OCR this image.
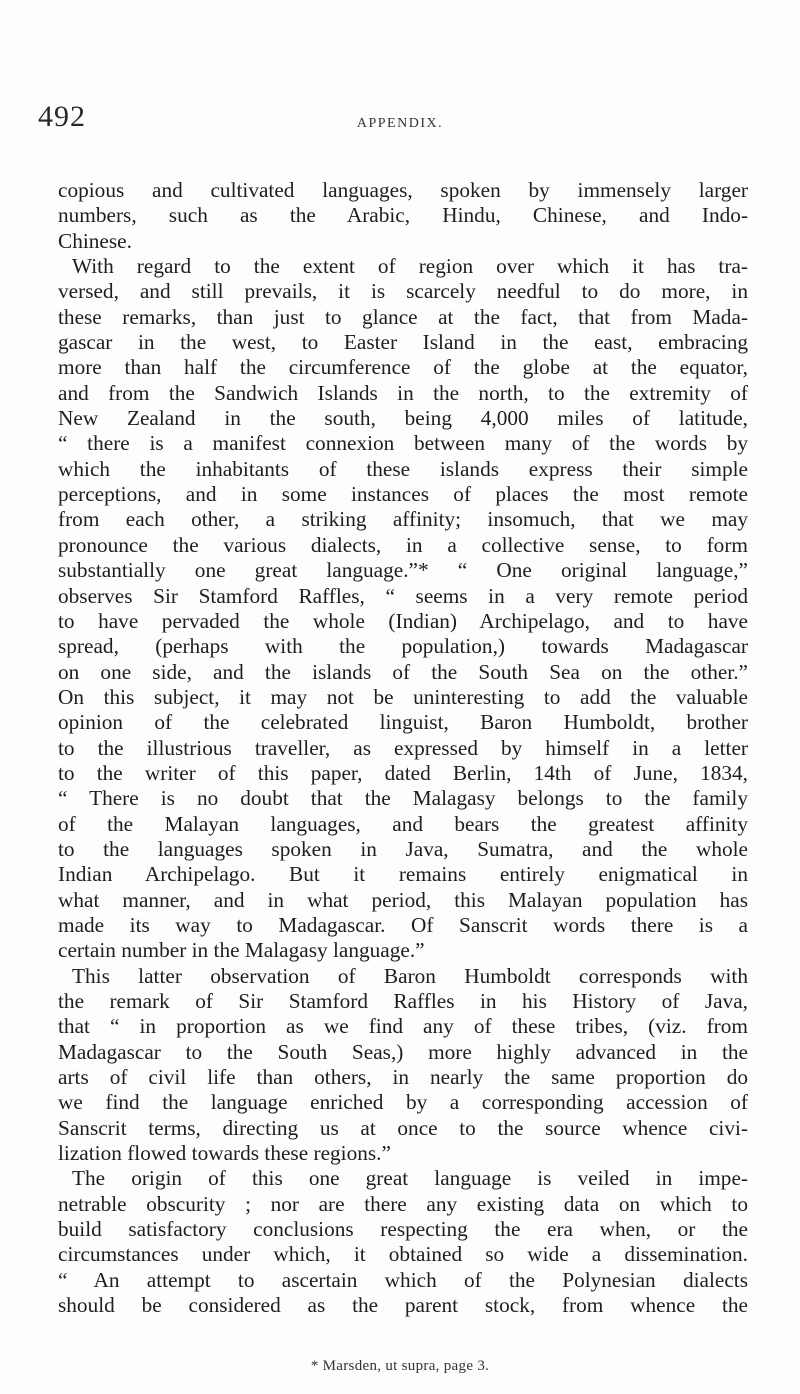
492	APPENDIX.
copious and cultivated languages, spoken by immensely larger
numbers, such as the Arabic, Hindu, Chinese, and Indo-
Chinese.
With regard to the extent of region over which it has tra-
versed, and still prevails, it is scarcely needful to do more, in
these remarks, than just to glance at the fact, that from Mada-
gascar in the west, to Easter Island in the east, embracing
more than half the circumference of the globe at the equator,
and from the Sandwich Islands in the north, to the extremity of
New Zealand in the south, being 4,000 miles of latitude,
“ there is a manifest connexion between many of the words by
which the inhabitants of these islands express their simple
perceptions, and in some instances of places the most remote
from each other, a striking affinity; insomuch, that we may
pronounce the various dialects, in a collective sense, to form
substantially one great language.”* “ One original language,”
observes Sir Stamford Raffles, “ seems in a very remote period
to have pervaded the whole (Indian) Archipelago, and to have
spread, (perhaps with the population,) towards Madagascar
on one side, and the islands of the South Sea on the other.”
On this subject, it may not be uninteresting to add the valuable
opinion of the celebrated linguist, Baron Humboldt, brother
to the illustrious traveller, as expressed by himself in a letter
to the writer of this paper, dated Berlin, 14th of June, 1834,
“ There is no doubt that the Malagasy belongs to the family
of the Malayan languages, and bears the greatest affinity
to the languages spoken in Java, Sumatra, and the whole
Indian Archipelago. But it remains entirely enigmatical in
what manner, and in what period, this Malayan population has
made its way to Madagascar. Of Sanscrit words there is a
certain number in the Malagasy language.”
This latter observation of Baron Humboldt corresponds with
the remark of Sir Stamford Raffles in his History of Java,
that “ in proportion as we find any of these tribes, (viz. from
Madagascar to the South Seas,) more highly advanced in the
arts of civil life than others, in nearly the same proportion do
we find the language enriched by a corresponding accession of
Sanscrit terms, directing us at once to the source whence civi-
lization flowed towards these regions.”
The origin of this one great language is veiled in impe-
netrable obscurity ; nor are there any existing data on which to
build satisfactory conclusions respecting the era when, or the
circumstances under which, it obtained so wide a dissemination.
“ An attempt to ascertain which of the Polynesian dialects
should be considered as the parent stock, from whence the
* Marsden, ut supra, page 3.
